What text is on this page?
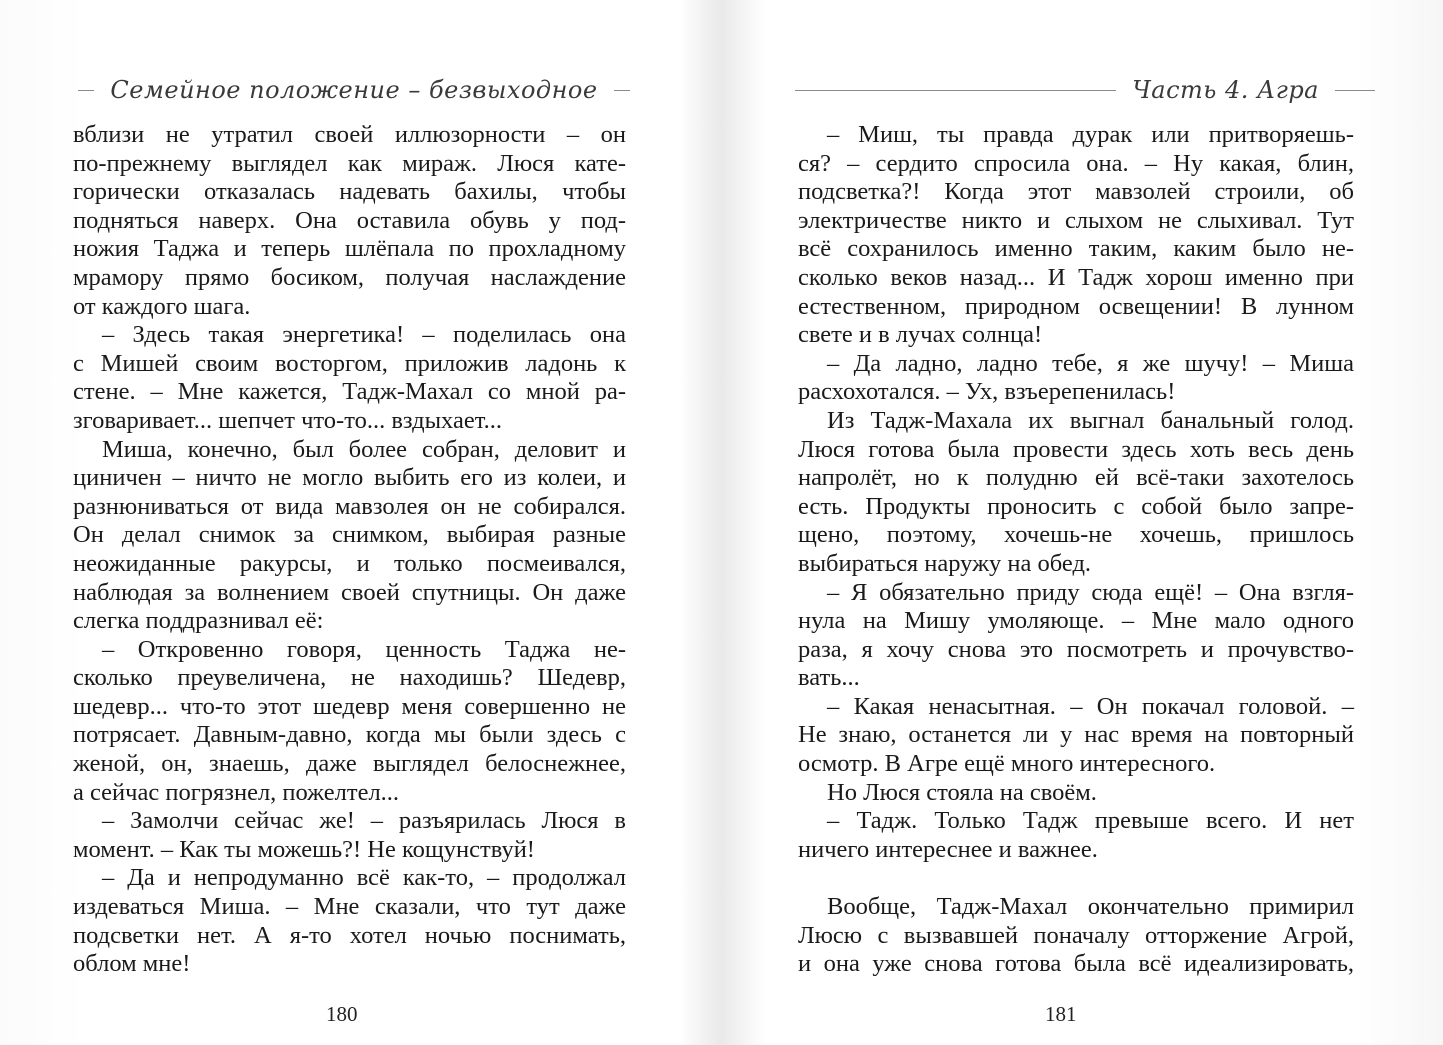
Семейное положение – безвыходное
вблизи не утратил своей иллюзорности – он
по-прежнему выглядел как мираж. Люся кате-
горически отказалась надевать бахилы, чтобы
подняться наверх. Она оставила обувь у под-
ножия Таджа и теперь шлёпала по прохладному
мрамору прямо босиком, получая наслаждение
от каждого шага.
– Здесь такая энергетика! – поделилась она
с Мишей своим восторгом, приложив ладонь к
стене. – Мне кажется, Тадж-Махал со мной ра-
зговаривает... шепчет что-то... вздыхает...
Миша, конечно, был более собран, деловит и
циничен – ничто не могло выбить его из колеи, и
разнюниваться от вида мавзолея он не собирался.
Он делал снимок за снимком, выбирая разные
неожиданные ракурсы, и только посмеивался,
наблюдая за волнением своей спутницы. Он даже
слегка поддразнивал её:
– Откровенно говоря, ценность Таджа не-
сколько преувеличена, не находишь? Шедевр,
шедевр... что-то этот шедевр меня совершенно не
потрясает. Давным-давно, когда мы были здесь с
женой, он, знаешь, даже выглядел белоснежнее,
а сейчас погрязнел, пожелтел...
– Замолчи сейчас же! – разъярилась Люся в
момент. – Как ты можешь?! Не кощунствуй!
– Да и непродуманно всё как-то, – продолжал
издеваться Миша. – Мне сказали, что тут даже
подсветки нет. А я-то хотел ночью поснимать,
облом мне!
180
Часть 4. Агра
– Миш, ты правда дурак или притворяешь-
ся? – сердито спросила она. – Ну какая, блин,
подсветка?! Когда этот мавзолей строили, об
электричестве никто и слыхом не слыхивал. Тут
всё сохранилось именно таким, каким было не-
сколько веков назад... И Тадж хорош именно при
естественном, природном освещении! В лунном
свете и в лучах солнца!
– Да ладно, ладно тебе, я же шучу! – Миша
расхохотался. – Ух, взъерепенилась!
Из Тадж-Махала их выгнал банальный голод.
Люся готова была провести здесь хоть весь день
напролёт, но к полудню ей всё-таки захотелось
есть. Продукты проносить с собой было запре-
щено, поэтому, хочешь-не хочешь, пришлось
выбираться наружу на обед.
– Я обязательно приду сюда ещё! – Она взгля-
нула на Мишу умоляюще. – Мне мало одного
раза, я хочу снова это посмотреть и прочувство-
вать...
– Какая ненасытная. – Он покачал головой. –
Не знаю, останется ли у нас время на повторный
осмотр. В Агре ещё много интересного.
Но Люся стояла на своём.
– Тадж. Только Тадж превыше всего. И нет
ничего интереснее и важнее.
Вообще, Тадж-Махал окончательно примирил
Люсю с вызвавшей поначалу отторжение Агрой,
и она уже снова готова была всё идеализировать,
181
